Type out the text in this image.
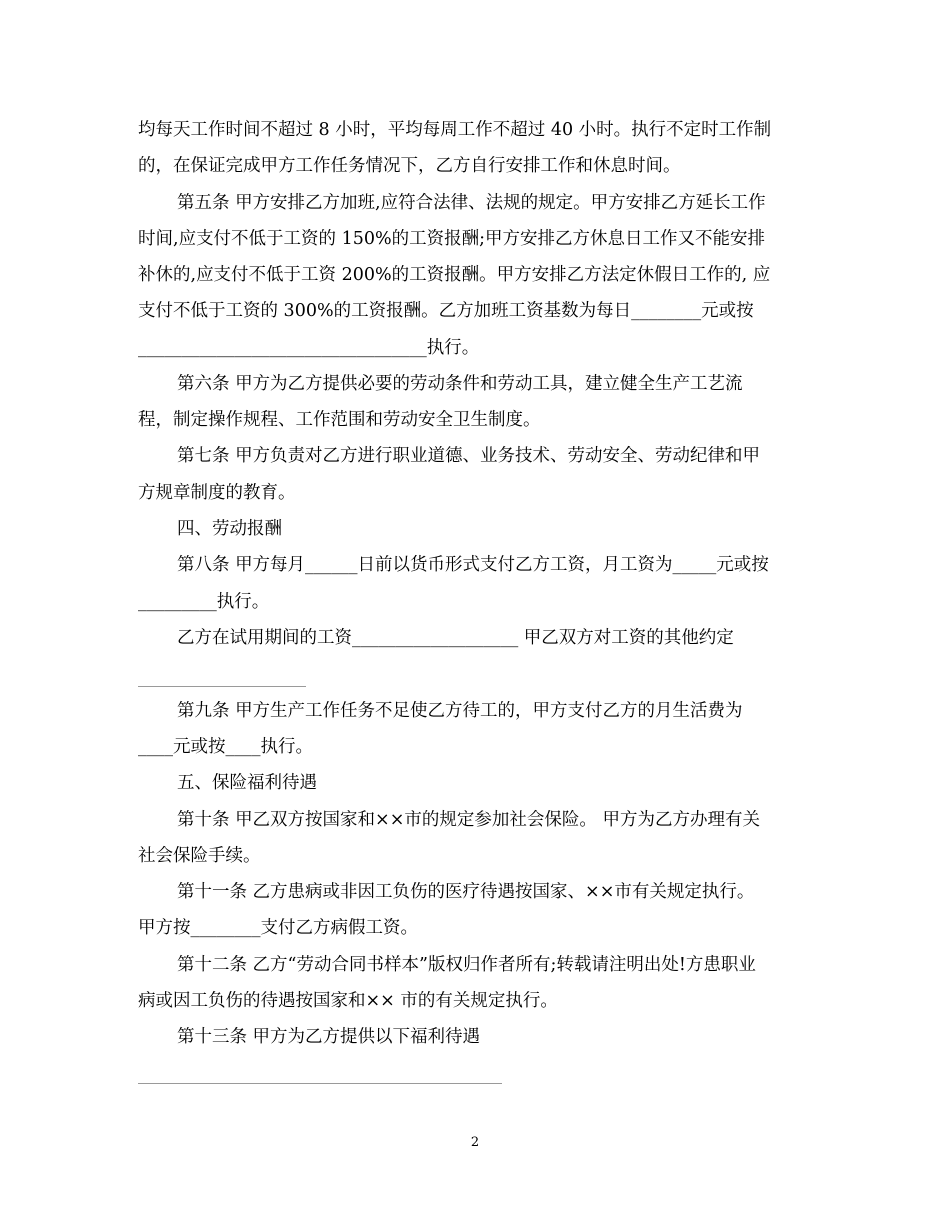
均每天工作时间不超过 8 小时，平均每周工作不超过 40 小时。执行不定时工作制
的，在保证完成甲方工作任务情况下，乙方自行安排工作和休息时间。
第五条 甲方安排乙方加班,应符合法律、法规的规定。甲方安排乙方延长工作
时间,应支付不低于工资的 150%的工资报酬;甲方安排乙方休息日工作又不能安排
补休的,应支付不低于工资 200%的工资报酬。甲方安排乙方法定休假日工作的, 应
支付不低于工资的 300%的工资报酬。乙方加班工资基数为每日________元或按
_________________________________执行。
第六条 甲方为乙方提供必要的劳动条件和劳动工具，建立健全生产工艺流
程，制定操作规程、工作范围和劳动安全卫生制度。
第七条 甲方负责对乙方进行职业道德、业务技术、劳动安全、劳动纪律和甲
方规章制度的教育。
四、劳动报酬
第八条 甲方每月______日前以货币形式支付乙方工资，月工资为_____元或按
_________执行。
乙方在试用期间的工资___________________ 甲乙双方对工资的其他约定
第九条 甲方生产工作任务不足使乙方待工的，甲方支付乙方的月生活费为
____元或按____执行。
五、保险福利待遇
第十条 甲乙双方按国家和××市的规定参加社会保险。 甲方为乙方办理有关
社会保险手续。
第十一条 乙方患病或非因工负伤的医疗待遇按国家、××市有关规定执行。
甲方按________支付乙方病假工资。
第十二条 乙方“劳动合同书样本”版权归作者所有;转载请注明出处!方患职业
病或因工负伤的待遇按国家和×× 市的有关规定执行。
第十三条 甲方为乙方提供以下福利待遇
2
